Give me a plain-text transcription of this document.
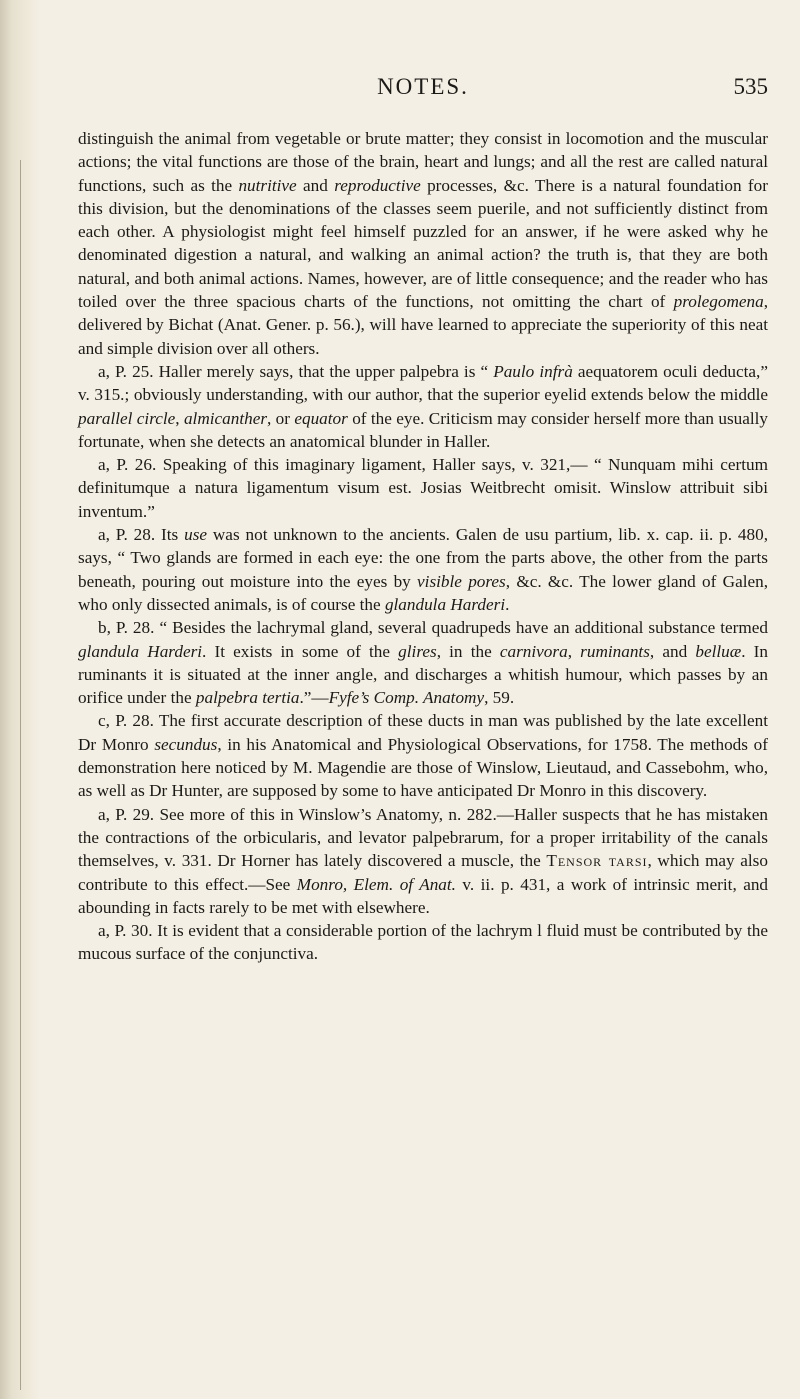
NOTES.	535

distinguish the animal from vegetable or brute matter; they consist in locomotion and the muscular actions; the vital functions are those of the brain, heart and lungs; and all the rest are called natural functions, such as the nutritive and reproductive processes, &c. There is a natural foundation for this division, but the denominations of the classes seem puerile, and not sufficiently distinct from each other. A physiologist might feel himself puzzled for an answer, if he were asked why he denominated digestion a natural, and walking an animal action? the truth is, that they are both natural, and both animal actions. Names, however, are of little consequence; and the reader who has toiled over the three spacious charts of the functions, not omitting the chart of prolegomena, delivered by Bichat (Anat. Gener. p. 56.), will have learned to appreciate the superiority of this neat and simple division over all others.

a, P. 25. Haller merely says, that the upper palpebra is “ Paulo infrà aequatorem oculi deducta,” v. 315.; obviously understanding, with our author, that the superior eyelid extends below the middle parallel circle, almicanther, or equator of the eye. Criticism may consider herself more than usually fortunate, when she detects an anatomical blunder in Haller.

a, P. 26. Speaking of this imaginary ligament, Haller says, v. 321,— “ Nunquam mihi certum definitumque a natura ligamentum visum est. Josias Weitbrecht omisit. Winslow attribuit sibi inventum.”

a, P. 28. Its use was not unknown to the ancients. Galen de usu partium, lib. x. cap. ii. p. 480, says, “ Two glands are formed in each eye: the one from the parts above, the other from the parts beneath, pouring out moisture into the eyes by visible pores, &c. &c. The lower gland of Galen, who only dissected animals, is of course the glandula Harderi.

b, P. 28. “ Besides the lachrymal gland, several quadrupeds have an additional substance termed glandula Harderi. It exists in some of the glires, in the carnivora, ruminants, and belluæ. In ruminants it is situated at the inner angle, and discharges a whitish humour, which passes by an orifice under the palpebra tertia.”—Fyfe’s Comp. Anatomy, 59.

c, P. 28. The first accurate description of these ducts in man was published by the late excellent Dr Monro secundus, in his Anatomical and Physiological Observations, for 1758. The methods of demonstration here noticed by M. Magendie are those of Winslow, Lieutaud, and Cassebohm, who, as well as Dr Hunter, are supposed by some to have anticipated Dr Monro in this discovery.

a, P. 29. See more of this in Winslow’s Anatomy, n. 282.—Haller suspects that he has mistaken the contractions of the orbicularis, and levator palpebrarum, for a proper irritability of the canals themselves, v. 331. Dr Horner has lately discovered a muscle, the Tensor tarsi, which may also contribute to this effect.—See Monro, Elem. of Anat. v. ii. p. 431, a work of intrinsic merit, and abounding in facts rarely to be met with elsewhere.

a, P. 30. It is evident that a considerable portion of the lachrym l fluid must be contributed by the mucous surface of the conjunctiva.
